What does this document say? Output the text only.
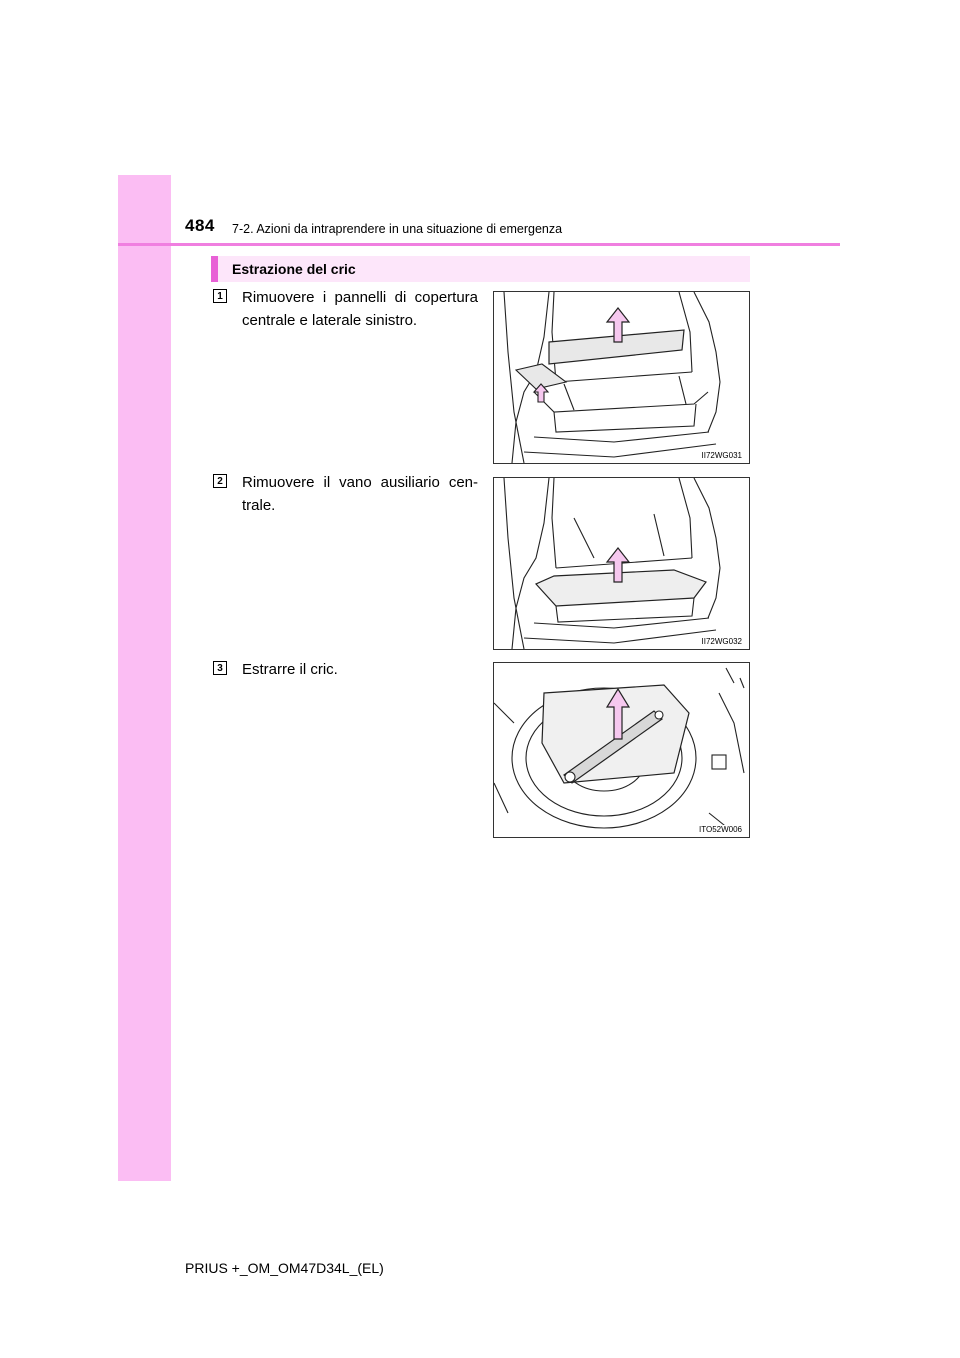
484 7-2. Azioni da intraprendere in una situazione di emergenza
Estrazione del cric
1 Rimuovere i pannelli di copertura centrale e laterale sinistro.
II72WG031
2 Rimuovere il vano ausiliario cen-trale.
II72WG032
3 Estrarre il cric.
ITO52W006
PRIUS +_OM_OM47D34L_(EL)
